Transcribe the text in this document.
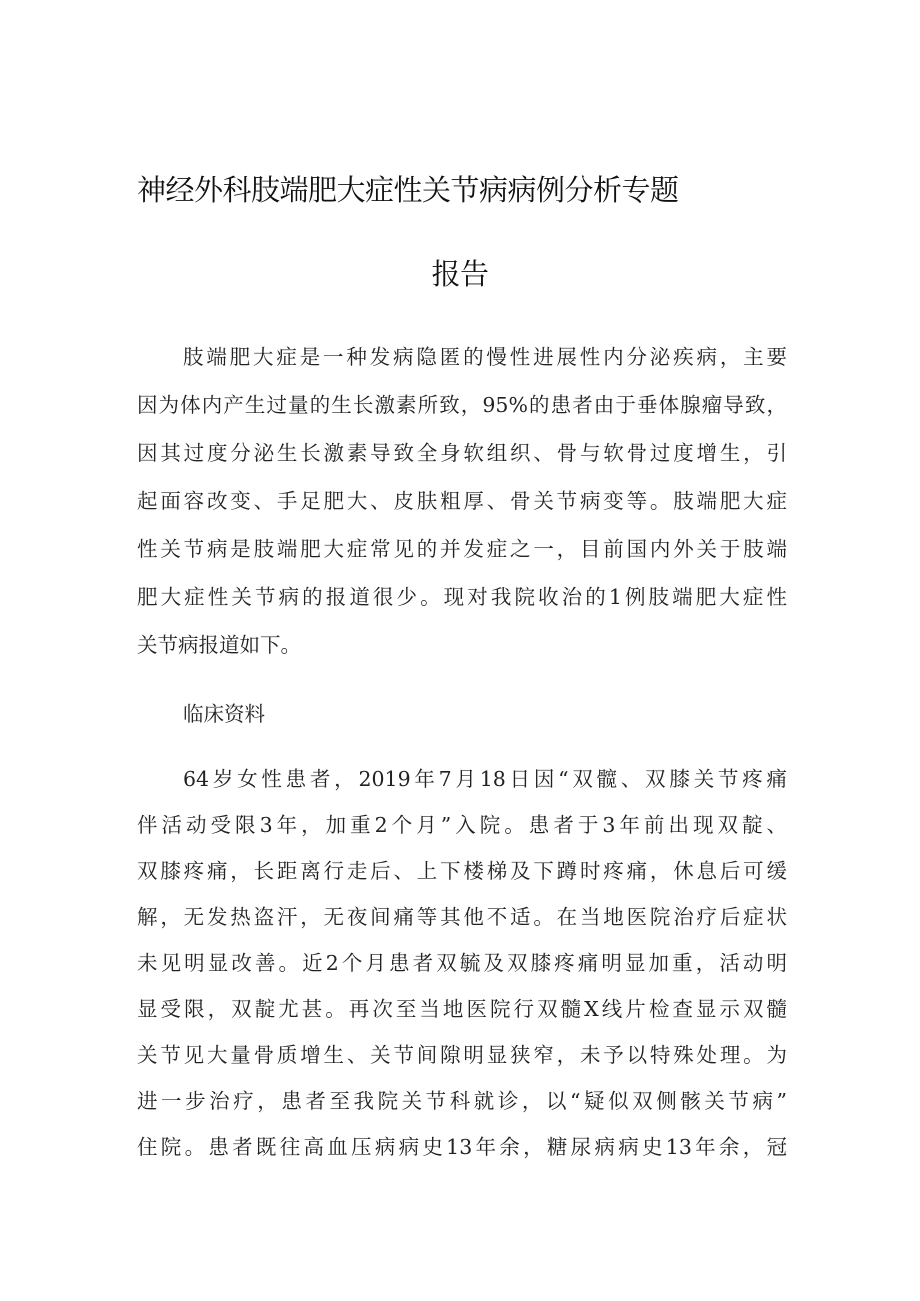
神经外科肢端肥大症性关节病病例分析专题
报告
肢端肥大症是一种发病隐匿的慢性进展性内分泌疾病，主要
因为体内产生过量的生长激素所致，95%的患者由于垂体腺瘤导致，
因其过度分泌生长激素导致全身软组织、骨与软骨过度增生，引
起面容改变、手足肥大、皮肤粗厚、骨关节病变等。肢端肥大症
性关节病是肢端肥大症常见的并发症之一，目前国内外关于肢端
肥大症性关节病的报道很少。现对我院收治的1例肢端肥大症性
关节病报道如下。
临床资料
64岁女性患者，2019年7月18日因“双髋、双膝关节疼痛
伴活动受限3年，加重2个月”入院。患者于3年前出现双靛、
双膝疼痛，长距离行走后、上下楼梯及下蹲时疼痛，休息后可缓
解，无发热盗汗，无夜间痛等其他不适。在当地医院治疗后症状
未见明显改善。近2个月患者双毓及双膝疼痛明显加重，活动明
显受限，双靛尤甚。再次至当地医院行双髓X线片检查显示双髓
关节见大量骨质增生、关节间隙明显狭窄，未予以特殊处理。为
进一步治疗，患者至我院关节科就诊，以“疑似双侧骸关节病”
住院。患者既往高血压病病史13年余，糖尿病病史13年余，冠
